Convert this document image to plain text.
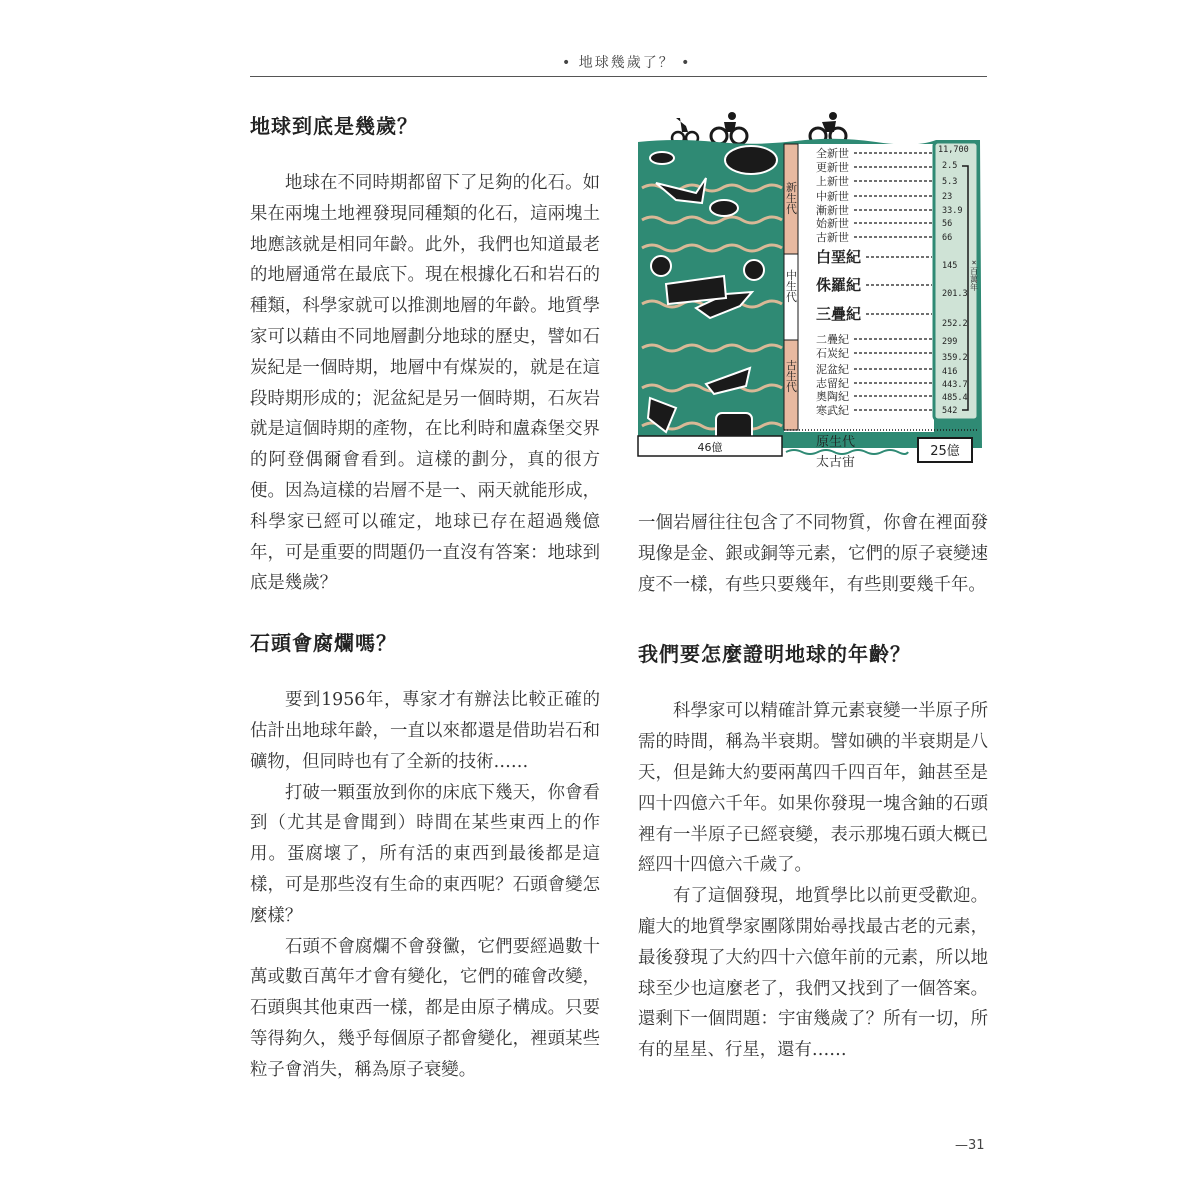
• 地球幾歲了？ •
地球到底是幾歲？

地球在不同時期都留下了足夠的化石。如果在兩塊土地裡發現同種類的化石，這兩塊土地應該就是相同年齡。此外，我們也知道最老的地層通常在最底下。現在根據化石和岩石的種類，科學家就可以推測地層的年齡。地質學家可以藉由不同地層劃分地球的歷史，譬如石炭紀是一個時期，地層中有煤炭的，就是在這段時期形成的；泥盆紀是另一個時期，石灰岩就是這個時期的產物，在比利時和盧森堡交界的阿登偶爾會看到。這樣的劃分，真的很方便。因為這樣的岩層不是一、兩天就能形成，科學家已經可以確定，地球已存在超過幾億年，可是重要的問題仍一直沒有答案：地球到底是幾歲？

石頭會腐爛嗎？

要到1956年，專家才有辦法比較正確的估計出地球年齡，一直以來都還是借助岩石和礦物，但同時也有了全新的技術……

打破一顆蛋放到你的床底下幾天，你會看到（尤其是會聞到）時間在某些東西上的作用。蛋腐壞了，所有活的東西到最後都是這樣，可是那些沒有生命的東西呢？石頭會變怎麼樣？

石頭不會腐爛不會發黴，它們要經過數十萬或數百萬年才會有變化，它們的確會改變，石頭與其他東西一樣，都是由原子構成。只要等得夠久，幾乎每個原子都會變化，裡頭某些粒子會消失，稱為原子衰變。

46億
新生代
中生代
古生代
全新世
更新世
上新世
中新世
漸新世
始新世
古新世
白堊紀
侏羅紀
三疊紀
二疊紀
石炭紀
泥盆紀
志留紀
奧陶紀
寒武紀
11,700
2.5
5.3
23
33.9
56
66
145
201.3
252.2
299
359.2
416
443.7
485.4
542
×百萬年
原生代
太古宙
25億

一個岩層往往包含了不同物質，你會在裡面發現像是金、銀或銅等元素，它們的原子衰變速度不一樣，有些只要幾年，有些則要幾千年。

我們要怎麼證明地球的年齡？

科學家可以精確計算元素衰變一半原子所需的時間，稱為半衰期。譬如碘的半衰期是八天，但是鈽大約要兩萬四千四百年，鈾甚至是四十四億六千年。如果你發現一塊含鈾的石頭裡有一半原子已經衰變，表示那塊石頭大概已經四十四億六千歲了。

有了這個發現，地質學比以前更受歡迎。龐大的地質學家團隊開始尋找最古老的元素，最後發現了大約四十六億年前的元素，所以地球至少也這麼老了，我們又找到了一個答案。還剩下一個問題：宇宙幾歲了？所有一切，所有的星星、行星，還有……

—31
